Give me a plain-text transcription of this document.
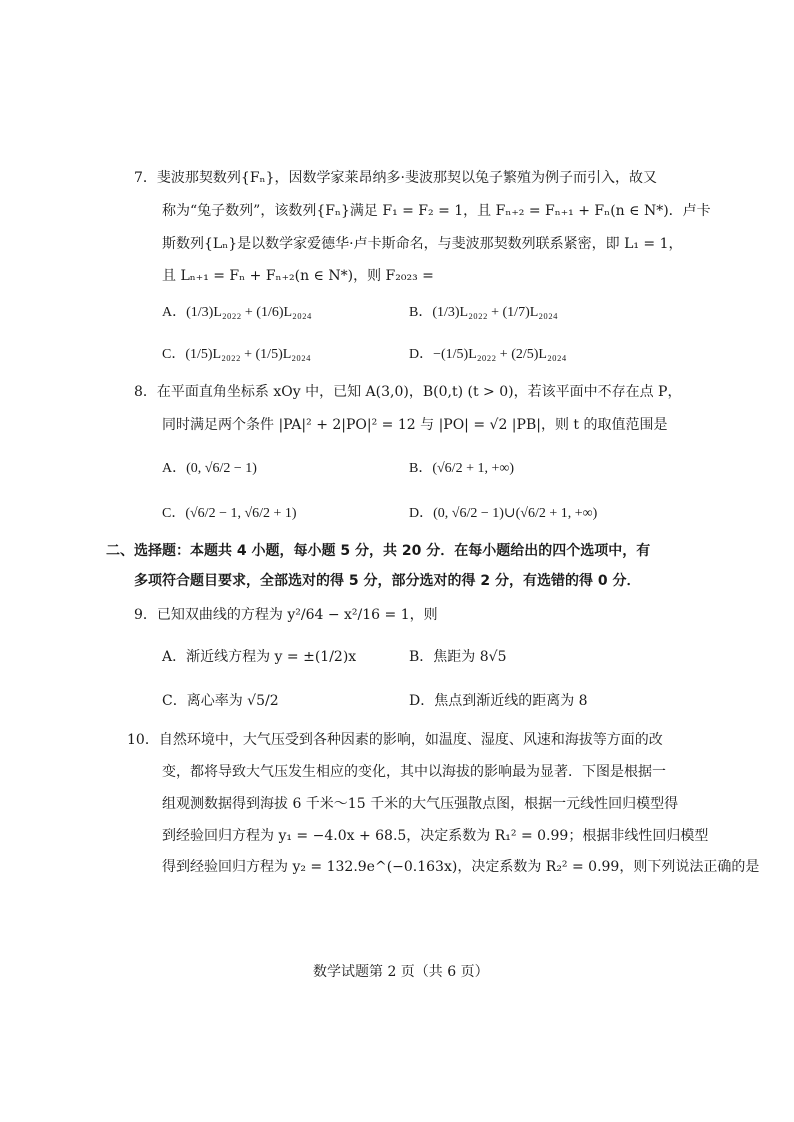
7．斐波那契数列{Fₙ}，因数学家莱昂纳多·斐波那契以兔子繁殖为例子而引入，故又
称为“兔子数列”，该数列{Fₙ}满足 F₁ = F₂ = 1，且 Fₙ₊₂ = Fₙ₊₁ + Fₙ(n ∈ N*)．卢卡
斯数列{Lₙ}是以数学家爱德华·卢卡斯命名，与斐波那契数列联系紧密，即 L₁ = 1，
且 Lₙ₊₁ = Fₙ + Fₙ₊₂(n ∈ N*)，则 F₂₀₂₃ =
A．(1/3)L₂₀₂₂ + (1/6)L₂₀₂₄	B．(1/3)L₂₀₂₂ + (1/7)L₂₀₂₄
C．(1/5)L₂₀₂₂ + (1/5)L₂₀₂₄	D．−(1/5)L₂₀₂₂ + (2/5)L₂₀₂₄
8．在平面直角坐标系 xOy 中，已知 A(3,0)，B(0,t) (t > 0)，若该平面中不存在点 P，
同时满足两个条件 |PA|² + 2|PO|² = 12 与 |PO| = √2 |PB|，则 t 的取值范围是
A．(0, √6/2 − 1)	B．(√6/2 + 1, +∞)
C．(√6/2 − 1, √6/2 + 1)	D．(0, √6/2 − 1)∪(√6/2 + 1, +∞)
二、选择题：本题共 4 小题，每小题 5 分，共 20 分．在每小题给出的四个选项中，有
多项符合题目要求，全部选对的得 5 分，部分选对的得 2 分，有选错的得 0 分．
9．已知双曲线的方程为 y²/64 − x²/16 = 1，则
A．渐近线方程为 y = ±(1/2)x	B．焦距为 8√5
C．离心率为 √5/2	D．焦点到渐近线的距离为 8
10．自然环境中，大气压受到各种因素的影响，如温度、湿度、风速和海拔等方面的改
变，都将导致大气压发生相应的变化，其中以海拔的影响最为显著．下图是根据一
组观测数据得到海拔 6 千米～15 千米的大气压强散点图，根据一元线性回归模型得
到经验回归方程为 y₁ = −4.0x + 68.5，决定系数为 R₁² = 0.99；根据非线性回归模型
得到经验回归方程为 y₂ = 132.9e^(−0.163x)，决定系数为 R₂² = 0.99，则下列说法正确的是
数学试题第 2 页（共 6 页）
